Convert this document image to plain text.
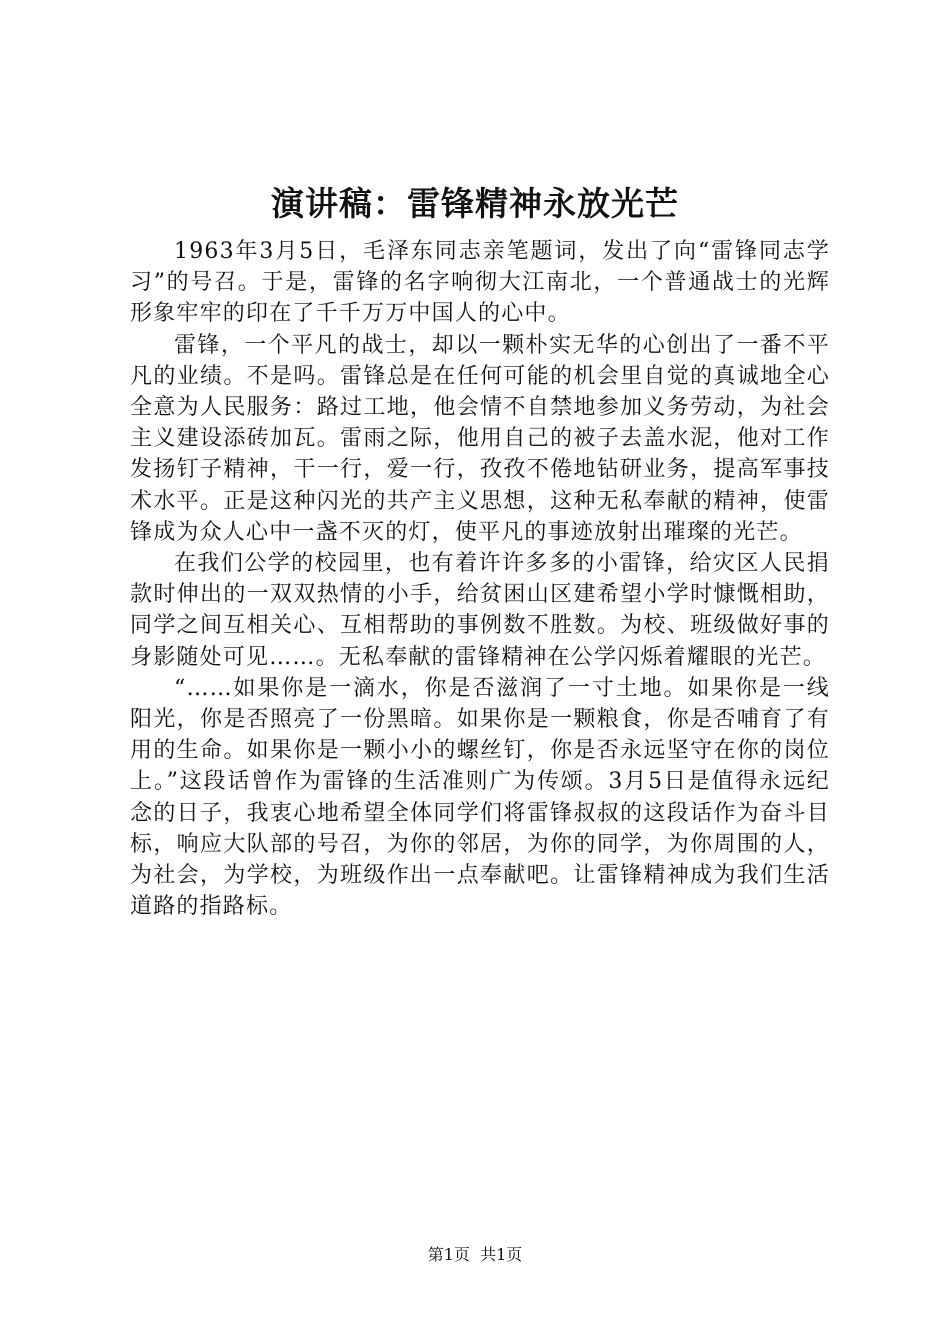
演讲稿：雷锋精神永放光芒

1963年3月5日，毛泽东同志亲笔题词，发出了向“雷锋同志学习”的号召。于是，雷锋的名字响彻大江南北，一个普通战士的光辉形象牢牢的印在了千千万万中国人的心中。

雷锋，一个平凡的战士，却以一颗朴实无华的心创出了一番不平凡的业绩。不是吗。雷锋总是在任何可能的机会里自觉的真诚地全心全意为人民服务：路过工地，他会情不自禁地参加义务劳动，为社会主义建设添砖加瓦。雷雨之际，他用自己的被子去盖水泥，他对工作发扬钉子精神，干一行，爱一行，孜孜不倦地钻研业务，提高军事技术水平。正是这种闪光的共产主义思想，这种无私奉献的精神，使雷锋成为众人心中一盏不灭的灯，使平凡的事迹放射出璀璨的光芒。

在我们公学的校园里，也有着许许多多的小雷锋，给灾区人民捐款时伸出的一双双热情的小手，给贫困山区建希望小学时慷慨相助，同学之间互相关心、互相帮助的事例数不胜数。为校、班级做好事的身影随处可见……。无私奉献的雷锋精神在公学闪烁着耀眼的光芒。

“……如果你是一滴水，你是否滋润了一寸土地。如果你是一线阳光，你是否照亮了一份黑暗。如果你是一颗粮食，你是否哺育了有用的生命。如果你是一颗小小的螺丝钉，你是否永远坚守在你的岗位上。”这段话曾作为雷锋的生活准则广为传颂。3月5日是值得永远纪念的日子，我衷心地希望全体同学们将雷锋叔叔的这段话作为奋斗目标，响应大队部的号召，为你的邻居，为你的同学，为你周围的人，为社会，为学校，为班级作出一点奉献吧。让雷锋精神成为我们生活道路的指路标。

第1页  共1页
